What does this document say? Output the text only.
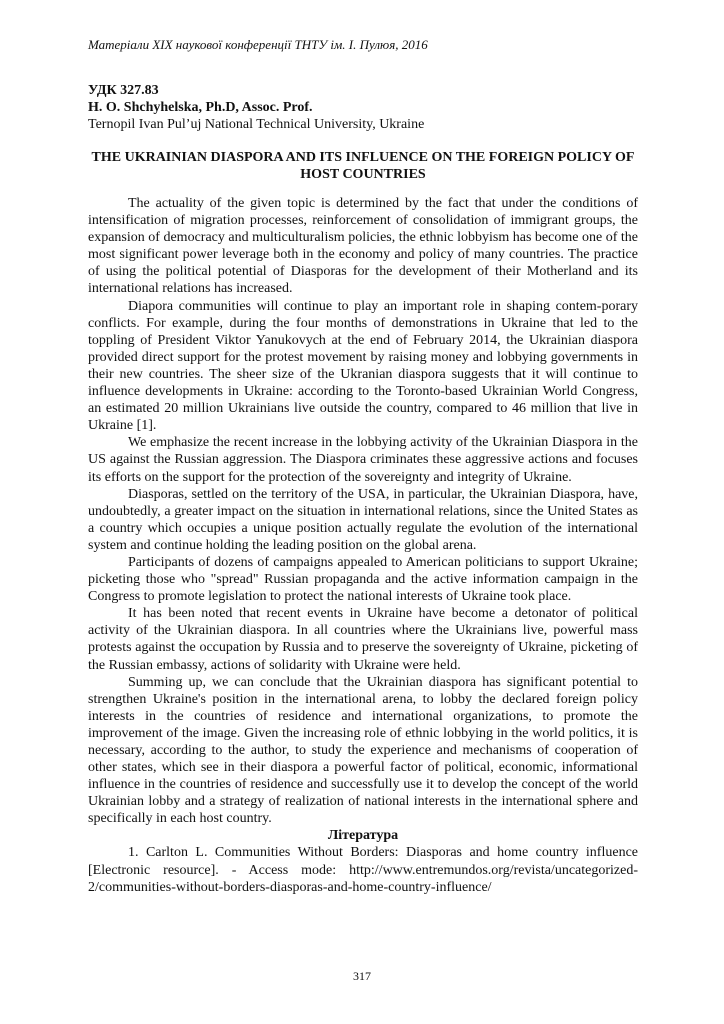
Матеріали ХІХ наукової конференції ТНТУ ім. І. Пулюя, 2016
УДК 327.83
H. O. Shchyhelska, Ph.D, Assoc. Prof.
Ternopil Ivan Pul’uj National Technical University, Ukraine
THE UKRAINIAN DIASPORA AND ITS INFLUENCE ON THE FOREIGN POLICY OF HOST COUNTRIES

The actuality of the given topic is determined by the fact that under the conditions of intensification of migration processes, reinforcement of consolidation of immigrant groups, the expansion of democracy and multiculturalism policies, the ethnic lobbyism has become one of the most significant power leverage both in the economy and policy of many countries. The practice of using the political potential of Diasporas for the development of their Motherland and its international relations has increased.

Diapora communities will continue to play an important role in shaping contem-porary conflicts. For example, during the four months of demonstrations in Ukraine that led to the toppling of President Viktor Yanukovych at the end of February 2014, the Ukrainian diaspora provided direct support for the protest movement by raising money and lobbying governments in their new countries. The sheer size of the Ukranian diaspora suggests that it will continue to influence developments in Ukraine: according to the Toronto-based Ukrainian World Congress, an estimated 20 million Ukrainians live outside the country, compared to 46 million that live in Ukraine [1].

We emphasize the recent increase in the lobbying activity of the Ukrainian Diaspora in the US against the Russian aggression. The Diaspora criminates these aggressive actions and focuses its efforts on the support for the protection of the sovereignty and integrity of Ukraine.

Diasporas, settled on the territory of the USA, in particular, the Ukrainian Diaspora, have, undoubtedly, a greater impact on the situation in international relations, since the United States as a country which occupies a unique position actually regulate the evolution of the international system and continue holding the leading position on the global arena.

Participants of dozens of campaigns appealed to American politicians to support Ukraine; picketing those who "spread" Russian propaganda and the active information campaign in the Congress to promote legislation to protect the national interests of Ukraine took place.

It has been noted that recent events in Ukraine have become a detonator of political activity of the Ukrainian diaspora. In all countries where the Ukrainians live, powerful mass protests against the occupation by Russia and to preserve the sovereignty of Ukraine, picketing of the Russian embassy, actions of solidarity with Ukraine were held.

Summing up, we can conclude that the Ukrainian diaspora has significant potential to strengthen Ukraine's position in the international arena, to lobby the declared foreign policy interests in the countries of residence and international organizations, to promote the improvement of the image. Given the increasing role of ethnic lobbying in the world politics, it is necessary, according to the author, to study the experience and mechanisms of cooperation of other states, which see in their diaspora a powerful factor of political, economic, informational influence in the countries of residence and successfully use it to develop the concept of the world Ukrainian lobby and a strategy of realization of national interests in the international sphere and specifically in each host country.

Література

1. Carlton L. Communities Without Borders: Diasporas and home country influence [Electronic resource]. - Access mode: http://www.entremundos.org/revista/uncategorized-2/communities-without-borders-diasporas-and-home-country-influence/

317
